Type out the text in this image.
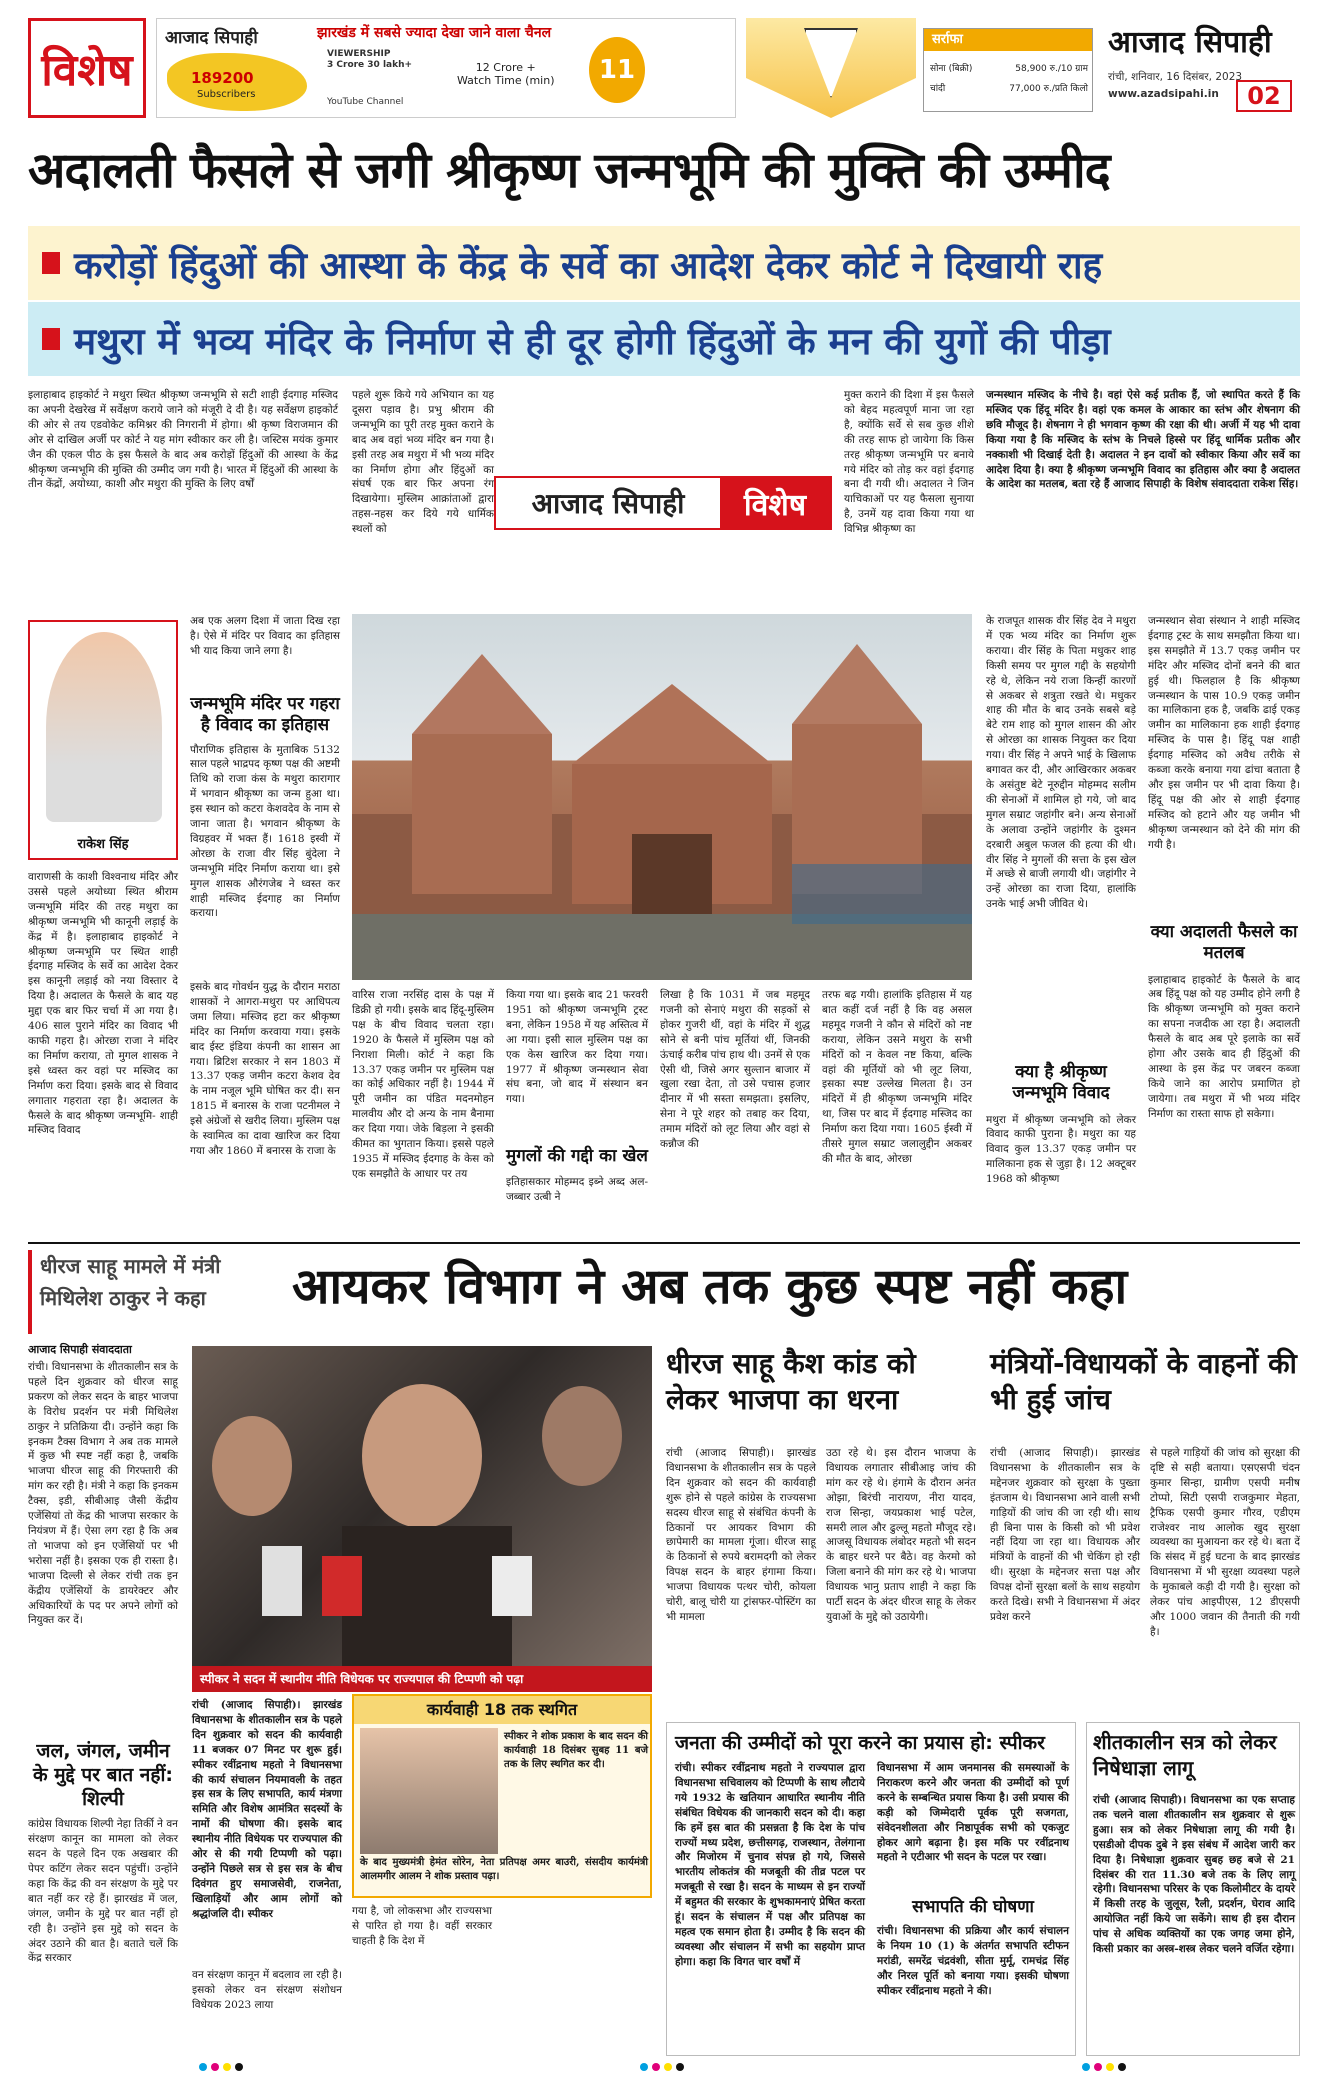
विशेष
आजाद सिपाही
189200
Subscribers
झारखंड में सबसे ज्यादा देखा जाने वाला चैनल
VIEWERSHIP
3 Crore 30 lakh+	12 Crore +
Watch Time (min)
YouTube Channel
11
सर्राफा
सोना (बिक्री)	58,900 रु./10 ग्राम
चांदी	77,000 रु./प्रति किलो
आजाद सिपाही
रांची, शनिवार, 16 दिसंबर, 2023
www.azadsipahi.in	02
अदालती फैसले से जगी श्रीकृष्ण जन्मभूमि की मुक्ति की उम्मीद
करोड़ों हिंदुओं की आस्था के केंद्र के सर्वे का आदेश देकर कोर्ट ने दिखायी राह
मथुरा में भव्य मंदिर के निर्माण से ही दूर होगी हिंदुओं के मन की युगों की पीड़ा
इलाहाबाद हाइकोर्ट ने मथुरा स्थित श्रीकृष्ण जन्मभूमि से सटी शाही ईदगाह मस्जिद का अपनी देखरेख में सर्वेक्षण कराये जाने को मंजूरी दे दी है। यह सर्वेक्षण हाइकोर्ट की ओर से तय एडवोकेट कमिश्नर की निगरानी में होगा। श्री कृष्ण विराजमान की ओर से दाखिल अर्जी पर कोर्ट ने यह मांग स्वीकार कर ली है। जस्टिस मयंक कुमार जैन की एकल पीठ के इस फैसले के बाद अब करोड़ों हिंदुओं की आस्था के केंद्र श्रीकृष्ण जन्मभूमि की मुक्ति की उम्मीद जग गयी है। भारत में हिंदुओं की आस्था के तीन केंद्रों, अयोध्या, काशी और मथुरा की मुक्ति के लिए वर्षों
पहले शुरू किये गये अभियान का यह दूसरा पड़ाव है। प्रभु श्रीराम की जन्मभूमि का पूरी तरह मुक्त कराने के बाद अब वहां भव्य मंदिर बन गया है। इसी तरह अब मथुरा में भी भव्य मंदिर का निर्माण होगा और हिंदुओं का संघर्ष एक बार फिर अपना रंग दिखायेगा। मुस्लिम आक्रांताओं द्वारा तहस-नहस कर दिये गये धार्मिक स्थलों को
आजाद सिपाही	विशेष
मुक्त कराने की दिशा में इस फैसले को बेहद महत्वपूर्ण माना जा रहा है, क्योंकि सर्वे से सब कुछ शीशे की तरह साफ हो जायेगा कि किस तरह श्रीकृष्ण जन्मभूमि पर बनाये गये मंदिर को तोड़ कर वहां ईदगाह बना दी गयी थी। अदालत ने जिन याचिकाओं पर यह फैसला सुनाया है, उनमें यह दावा किया गया था विभिन्न श्रीकृष्ण का
जन्मस्थान मस्जिद के नीचे है। वहां ऐसे कई प्रतीक हैं, जो स्थापित करते हैं कि मस्जिद एक हिंदू मंदिर है। वहां एक कमल के आकार का स्तंभ और शेषनाग की छवि मौजूद है। शेषनाग ने ही भगवान कृष्ण की रक्षा की थी। अर्जी में यह भी दावा किया गया है कि मस्जिद के स्तंभ के निचले हिस्से पर हिंदू धार्मिक प्रतीक और नक्काशी भी दिखाई देती है। अदालत ने इन दावों को स्वीकार किया और सर्वे का आदेश दिया है। क्या है श्रीकृष्ण जन्मभूमि विवाद का इतिहास और क्या है अदालत के आदेश का मतलब, बता रहे हैं आजाद सिपाही के विशेष संवाददाता राकेश सिंह।
राकेश सिंह
अब एक अलग दिशा में जाता दिख रहा है। ऐसे में मंदिर पर विवाद का इतिहास भी याद किया जाने लगा है।
जन्मभूमि मंदिर पर गहरा है विवाद का इतिहास
पौराणिक इतिहास के मुताबिक 5132 साल पहले भाद्रपद कृष्ण पक्ष की अष्टमी तिथि को राजा कंस के मथुरा कारागार में भगवान श्रीकृष्ण का जन्म हुआ था। इस स्थान को कटरा केशवदेव के नाम से जाना जाता है। भगवान श्रीकृष्ण के विग्रहवर में भक्त हैं। 1618 इस्वी में ओरछा के राजा वीर सिंह बुंदेला ने जन्मभूमि मंदिर निर्माण कराया था। इसे मुगल शासक औरंगजेब ने ध्वस्त कर शाही मस्जिद ईदगाह का निर्माण कराया।
वाराणसी के काशी विश्वनाथ मंदिर और उससे पहले अयोध्या स्थित श्रीराम जन्मभूमि मंदिर की तरह मथुरा का श्रीकृष्ण जन्मभूमि भी कानूनी लड़ाई के केंद्र में है। इलाहाबाद हाइकोर्ट ने श्रीकृष्ण जन्मभूमि पर स्थित शाही ईदगाह मस्जिद के सर्वे का आदेश देकर इस कानूनी लड़ाई को नया विस्तार दे दिया है। अदालत के फैसले के बाद यह मुद्दा एक बार फिर चर्चा में आ गया है। 406 साल पुराने मंदिर का विवाद भी काफी गहरा है। ओरछा राजा ने मंदिर का निर्माण कराया, तो मुगल शासक ने इसे ध्वस्त कर वहां पर मस्जिद का निर्माण करा दिया। इसके बाद से विवाद लगातार गहराता रहा है। अदालत के फैसले के बाद श्रीकृष्ण जन्मभूमि- शाही मस्जिद विवाद
इसके बाद गोवर्धन युद्ध के दौरान मराठा शासकों ने आगरा-मथुरा पर आधिपत्य जमा लिया। मस्जिद हटा कर श्रीकृष्ण मंदिर का निर्माण करवाया गया। इसके बाद ईस्ट इंडिया कंपनी का शासन आ गया। ब्रिटिश सरकार ने सन 1803 में 13.37 एकड़ जमीन कटरा केशव देव के नाम नजूल भूमि घोषित कर दी। सन 1815 में बनारस के राजा पटनीमल ने इसे अंग्रेजों से खरीद लिया। मुस्लिम पक्ष के स्वामित्व का दावा खारिज कर दिया गया और 1860 में बनारस के राजा के
वारिस राजा नरसिंह दास के पक्ष में डिक्री हो गयी। इसके बाद हिंदू-मुस्लिम पक्ष के बीच विवाद चलता रहा। 1920 के फैसले में मुस्लिम पक्ष को निराशा मिली। कोर्ट ने कहा कि 13.37 एकड़ जमीन पर मुस्लिम पक्ष का कोई अधिकार नहीं है। 1944 में पूरी जमीन का पंडित मदनमोहन मालवीय और दो अन्य के नाम बैनामा कर दिया गया। जेके बिड़ला ने इसकी कीमत का भुगतान किया। इससे पहले 1935 में मस्जिद ईदगाह के केस को एक समझौते के आधार पर तय
किया गया था। इसके बाद 21 फरवरी 1951 को श्रीकृष्ण जन्मभूमि ट्रस्ट बना, लेकिन 1958 में यह अस्तित्व में आ गया। इसी साल मुस्लिम पक्ष का एक केस खारिज कर दिया गया। 1977 में श्रीकृष्ण जन्मस्थान सेवा संघ बना, जो बाद में संस्थान बन गया।
मुगलों की गद्दी का खेल
इतिहासकार मोहम्मद इब्ने अब्द अल-जब्बार उत्बी ने
लिखा है कि 1031 में जब महमूद गजनी को सेनाएं मथुरा की सड़कों से होकर गुजरी थीं, वहां के मंदिर में शुद्ध सोने से बनी पांच मूर्तियां थीं, जिनकी ऊंचाई करीब पांच हाथ थी। उनमें से एक ऐसी थी, जिसे अगर सुल्तान बाजार में खुला रखा देता, तो उसे पचास हजार दीनार में भी सस्ता समझता। इसलिए, सेना ने पूरे शहर को तबाह कर दिया, तमाम मंदिरों को लूट लिया और वहां से कन्नौज की
तरफ बढ़ गयी। हालांकि इतिहास में यह बात कहीं दर्ज नहीं है कि वह असल महमूद गजनी ने कौन से मंदिरों को नष्ट कराया, लेकिन उसने मथुरा के सभी मंदिरों को न केवल नष्ट किया, बल्कि वहां की मूर्तियों को भी लूट लिया, इसका स्पष्ट उल्लेख मिलता है। उन मंदिरों में ही श्रीकृष्ण जन्मभूमि मंदिर था, जिस पर बाद में ईदगाह मस्जिद का निर्माण करा दिया गया। 1605 ईस्वी में तीसरे मुगल सम्राट जलालुद्दीन अकबर की मौत के बाद, ओरछा
के राजपूत शासक वीर सिंह देव ने मथुरा में एक भव्य मंदिर का निर्माण शुरू कराया। वीर सिंह के पिता मधुकर शाह किसी समय पर मुगल गद्दी के सहयोगी रहे थे, लेकिन नये राजा किन्हीं कारणों से अकबर से शत्रुता रखते थे। मधुकर शाह की मौत के बाद उनके सबसे बड़े बेटे राम शाह को मुगल शासन की ओर से ओरछा का शासक नियुक्त कर दिया गया। वीर सिंह ने अपने भाई के खिलाफ बगावत कर दी, और आखिरकार अकबर के असंतुष्ट बेटे नूरुद्दीन मोहम्मद सलीम की सेनाओं में शामिल हो गये, जो बाद मुगल सम्राट जहांगीर बने। अन्य सेनाओं के अलावा उन्होंने जहांगीर के दुश्मन दरबारी अबुल फजल की हत्या की थी। वीर सिंह ने मुगलों की सत्ता के इस खेल में अच्छे से बाजी लगायी थी। जहांगीर ने उन्हें ओरछा का राजा दिया, हालांकि उनके भाई अभी जीवित थे।
क्या है श्रीकृष्ण जन्मभूमि विवाद
मथुरा में श्रीकृष्ण जन्मभूमि को लेकर विवाद काफी पुराना है। मथुरा का यह विवाद कुल 13.37 एकड़ जमीन पर मालिकाना हक से जुड़ा है। 12 अक्टूबर 1968 को श्रीकृष्ण
जन्मस्थान सेवा संस्थान ने शाही मस्जिद ईदगाह ट्रस्ट के साथ समझौता किया था। इस समझौते में 13.7 एकड़ जमीन पर मंदिर और मस्जिद दोनों बनने की बात हुई थी। फिलहाल है कि श्रीकृष्ण जन्मस्थान के पास 10.9 एकड़ जमीन का मालिकाना हक है, जबकि ढाई एकड़ जमीन का मालिकाना हक शाही ईदगाह मस्जिद के पास है। हिंदू पक्ष शाही ईदगाह मस्जिद को अवैध तरीके से कब्जा करके बनाया गया ढांचा बताता है और इस जमीन पर भी दावा किया है। हिंदू पक्ष की ओर से शाही ईदगाह मस्जिद को हटाने और यह जमीन भी श्रीकृष्ण जन्मस्थान को देने की मांग की गयी है।
क्या अदालती फैसले का मतलब
इलाहाबाद हाइकोर्ट के फैसले के बाद अब हिंदू पक्ष को यह उम्मीद होने लगी है कि श्रीकृष्ण जन्मभूमि को मुक्त कराने का सपना नजदीक आ रहा है। अदालती फैसले के बाद अब पूरे इलाके का सर्वे होगा और उसके बाद ही हिंदुओं की आस्था के इस केंद्र पर जबरन कब्जा किये जाने का आरोप प्रमाणित हो जायेगा। तब मथुरा में भी भव्य मंदिर निर्माण का रास्ता साफ हो सकेगा।
धीरज साहू मामले में मंत्री
मिथिलेश ठाकुर ने कहा	आयकर विभाग ने अब तक कुछ स्पष्ट नहीं कहा
आजाद सिपाही संवाददाता
रांची। विधानसभा के शीतकालीन सत्र के पहले दिन शुक्रवार को धीरज साहू प्रकरण को लेकर सदन के बाहर भाजपा के विरोध प्रदर्शन पर मंत्री मिथिलेश ठाकुर ने प्रतिक्रिया दी। उन्होंने कहा कि इनकम टैक्स विभाग ने अब तक मामले में कुछ भी स्पष्ट नहीं कहा है, जबकि भाजपा धीरज साहू की गिरफ्तारी की मांग कर रही है। मंत्री ने कहा कि इनकम टैक्स, इडी, सीबीआइ जैसी केंद्रीय एजेंसियां तो केंद्र की भाजपा सरकार के नियंत्रण में हैं। ऐसा लग रहा है कि अब तो भाजपा को इन एजेंसियों पर भी भरोसा नहीं है। इसका एक ही रास्ता है। भाजपा दिल्ली से लेकर रांची तक इन केंद्रीय एजेंसियों के डायरेक्टर और अधिकारियों के पद पर अपने लोगों को नियुक्त कर दें।
जल, जंगल, जमीन के मुद्दे पर बात नहीं: शिल्पी
कांग्रेस विधायक शिल्पी नेहा तिर्की ने वन संरक्षण कानून का मामला को लेकर सदन के पहले दिन एक अखबार की पेपर कटिंग लेकर सदन पहुंचीं। उन्होंने कहा कि केंद्र की वन संरक्षण के मुद्दे पर बात नहीं कर रहे हैं। झारखंड में जल, जंगल, जमीन के मुद्दे पर बात नहीं हो रही है। उन्होंने इस मुद्दे को सदन के अंदर उठाने की बात है। बताते चलें कि केंद्र सरकार
स्पीकर ने सदन में स्थानीय नीति विधेयक पर राज्यपाल की टिप्पणी को पढ़ा
रांची (आजाद सिपाही)। झारखंड विधानसभा के शीतकालीन सत्र के पहले दिन शुक्रवार को सदन की कार्यवाही 11 बजकर 07 मिनट पर शुरू हुई। स्पीकर रवींद्रनाथ महतो ने विधानसभा की कार्य संचालन नियमावली के तहत इस सत्र के लिए सभापति, कार्य मंत्रणा समिति और विशेष आमंत्रित सदस्यों के नामों की घोषणा की। इसके बाद स्थानीय नीति विधेयक पर राज्यपाल की ओर से की गयी टिप्पणी को पढ़ा। उन्होंने पिछले सत्र से इस सत्र के बीच दिवंगत हुए समाजसेवी, राजनेता, खिलाड़ियों और आम लोगों को श्रद्धांजलि दी। स्पीकर
वन संरक्षण कानून में बदलाव ला रही है। इसको लेकर वन संरक्षण संशोधन विधेयक 2023 लाया
कार्यवाही 18 तक स्थगित
स्पीकर ने शोक प्रकाश के बाद सदन की कार्यवाही 18 दिसंबर सुबह 11 बजे तक के लिए स्थगित कर दी।
के बाद मुख्यमंत्री हेमंत सोरेन, नेता प्रतिपक्ष अमर बाउरी, संसदीय कार्यमंत्री आलमगीर आलम ने शोक प्रस्ताव पढ़ा।
गया है, जो लोकसभा और राज्यसभा से पारित हो गया है। वहीं सरकार चाहती है कि देश में
धीरज साहू कैश कांड को लेकर भाजपा का धरना
रांची (आजाद सिपाही)। झारखंड विधानसभा के शीतकालीन सत्र के पहले दिन शुक्रवार को सदन की कार्यवाही शुरू होने से पहले कांग्रेस के राज्यसभा सदस्य धीरज साहू से संबंधित कंपनी के ठिकानों पर आयकर विभाग की छापेमारी का मामला गूंजा। धीरज साहू के ठिकानों से रुपये बरामदगी को लेकर विपक्ष सदन के बाहर हंगामा किया। भाजपा विधायक पत्थर चोरी, कोयला चोरी, बालू चोरी या ट्रांसफर-पोस्टिंग का भी मामला
उठा रहे थे। इस दौरान भाजपा के विधायक लगातार सीबीआइ जांच की मांग कर रहे थे। हंगामे के दौरान अनंत ओझा, बिरंची नारायण, नीरा यादव, राज सिन्हा, जयप्रकाश भाई पटेल, समरी लाल और ढुल्लू महतो मौजूद रहे। आजसू विधायक लंबोदर महतो भी सदन के बाहर धरने पर बैठे। वह केरमो को जिला बनाने की मांग कर रहे थे। भाजपा विधायक भानु प्रताप शाही ने कहा कि पार्टी सदन के अंदर धीरज साहू के लेकर युवाओं के मुद्दे को उठायेगी।
मंत्रियों-विधायकों के वाहनों की भी हुई जांच
रांची (आजाद सिपाही)। झारखंड विधानसभा के शीतकालीन सत्र के मद्देनजर शुक्रवार को सुरक्षा के पुख्ता इंतजाम थे। विधानसभा आने वाली सभी गाड़ियों की जांच की जा रही थी। साथ ही बिना पास के किसी को भी प्रवेश नहीं दिया जा रहा था। विधायक और मंत्रियों के वाहनों की भी चेकिंग हो रही थी। सुरक्षा के मद्देनजर सत्ता पक्ष और विपक्ष दोनों सुरक्षा बलों के साथ सहयोग करते दिखे। सभी ने विधानसभा में अंदर प्रवेश करने
से पहले गाड़ियों की जांच को सुरक्षा की दृष्टि से सही बताया। एसएसपी चंदन कुमार सिन्हा, ग्रामीण एसपी मनीष टोप्पो, सिटी एसपी राजकुमार मेहता, ट्रैफिक एसपी कुमार गौरव, एडीएम राजेश्वर नाथ आलोक खुद सुरक्षा व्यवस्था का मुआयना कर रहे थे। बता दें कि संसद में हुई घटना के बाद झारखंड विधानसभा में भी सुरक्षा व्यवस्था पहले के मुकाबले कड़ी दी गयी है। सुरक्षा को लेकर पांच आइपीएस, 12 डीएसपी और 1000 जवान की तैनाती की गयी है।
जनता की उम्मीदों को पूरा करने का प्रयास हो: स्पीकर
रांची। स्पीकर रवींद्रनाथ महतो ने राज्यपाल द्वारा विधानसभा सचिवालय को टिप्पणी के साथ लौटाये गये 1932 के खतियान आधारित स्थानीय नीति संबंधित विधेयक की जानकारी सदन को दी। कहा कि हमें इस बात की प्रसन्नता है कि देश के पांच राज्यों मध्य प्रदेश, छत्तीसगढ़, राजस्थान, तेलंगाना और मिजोरम में चुनाव संपन्न हो गये, जिससे भारतीय लोकतंत्र की मजबूती की तीव्र पटल पर मजबूती से रखा है। सदन के माध्यम से इन राज्यों में बहुमत की सरकार के शुभकामनाएं प्रेषित करता हूं। सदन के संचालन में पक्ष और प्रतिपक्ष का महत्व एक समान होता है। उम्मीद है कि सदन की व्यवस्था और संचालन में सभी का सहयोग प्राप्त होगा। कहा कि विगत चार वर्षों में
विधानसभा में आम जनमानस की समस्याओं के निराकरण करने और जनता की उम्मीदों को पूर्ण करने के सम्बन्धित प्रयास किया है। उसी प्रयास की कड़ी को जिम्मेदारी पूर्वक पूरी सजगता, संवेदनशीलता और निष्ठापूर्वक सभी को एकजुट होकर आगे बढ़ाना है। इस मकि पर रवींद्रनाथ महतो ने एटीआर भी सदन के पटल पर रखा।
सभापति की घोषणा
रांची। विधानसभा की प्रक्रिया और कार्य संचालन के नियम 10 (1) के अंतर्गत सभापति स्टीफन मरांडी, समरेंद्र चंद्रवंशी, सीता मुर्मू, रामचंद्र सिंह और निरल पूर्ति को बनाया गया। इसकी घोषणा स्पीकर रवींद्रनाथ महतो ने की।
शीतकालीन सत्र को लेकर निषेधाज्ञा लागू
रांची (आजाद सिपाही)। विधानसभा का एक सप्ताह तक चलने वाला शीतकालीन सत्र शुक्रवार से शुरू हुआ। सत्र को लेकर निषेधाज्ञा लागू की गयी है। एसडीओ दीपक दुबे ने इस संबंध में आदेश जारी कर दिया है। निषेधाज्ञा शुक्रवार सुबह छह बजे से 21 दिसंबर की रात 11.30 बजे तक के लिए लागू रहेगी। विधानसभा परिसर के एक किलोमीटर के दायरे में किसी तरह के जुलूस, रैली, प्रदर्शन, घेराव आदि आयोजित नहीं किये जा सकेंगे। साथ ही इस दौरान पांच से अधिक व्यक्तियों का एक जगह जमा होने, किसी प्रकार का अस्त्र-शस्त्र लेकर चलने वर्जित रहेगा।
